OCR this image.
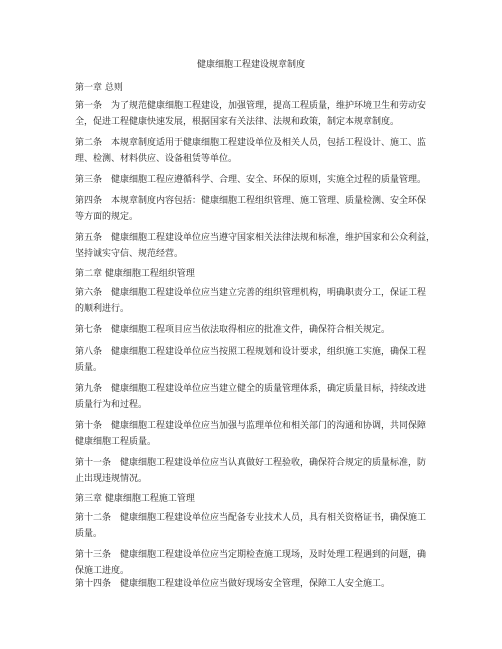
健康细胞工程建设规章制度
第一章 总则
第一条　为了规范健康细胞工程建设，加强管理，提高工程质量，维护环境卫生和劳动安
全，促进工程健康快速发展，根据国家有关法律、法规和政策，制定本规章制度。
第二条　本规章制度适用于健康细胞工程建设单位及相关人员，包括工程设计、施工、监
理、检测、材料供应、设备租赁等单位。
第三条　健康细胞工程应遵循科学、合理、安全、环保的原则，实施全过程的质量管理。
第四条　本规章制度内容包括：健康细胞工程组织管理、施工管理、质量检测、安全环保
等方面的规定。
第五条　健康细胞工程建设单位应当遵守国家相关法律法规和标准，维护国家和公众利益，
坚持诚实守信、规范经营。
第二章 健康细胞工程组织管理
第六条　健康细胞工程建设单位应当建立完善的组织管理机构，明确职责分工，保证工程
的顺利进行。
第七条　健康细胞工程项目应当依法取得相应的批准文件，确保符合相关规定。
第八条　健康细胞工程建设单位应当按照工程规划和设计要求，组织施工实施，确保工程
质量。
第九条　健康细胞工程建设单位应当建立健全的质量管理体系，确定质量目标，持续改进
质量行为和过程。
第十条　健康细胞工程建设单位应当加强与监理单位和相关部门的沟通和协调，共同保障
健康细胞工程质量。
第十一条　健康细胞工程建设单位应当认真做好工程验收，确保符合规定的质量标准，防
止出现违规情况。
第三章 健康细胞工程施工管理
第十二条　健康细胞工程建设单位应当配备专业技术人员，具有相关资格证书，确保施工
质量。
第十三条　健康细胞工程建设单位应当定期检查施工现场，及时处理工程遇到的问题，确
保施工进度。
第十四条　健康细胞工程建设单位应当做好现场安全管理，保障工人安全施工。
